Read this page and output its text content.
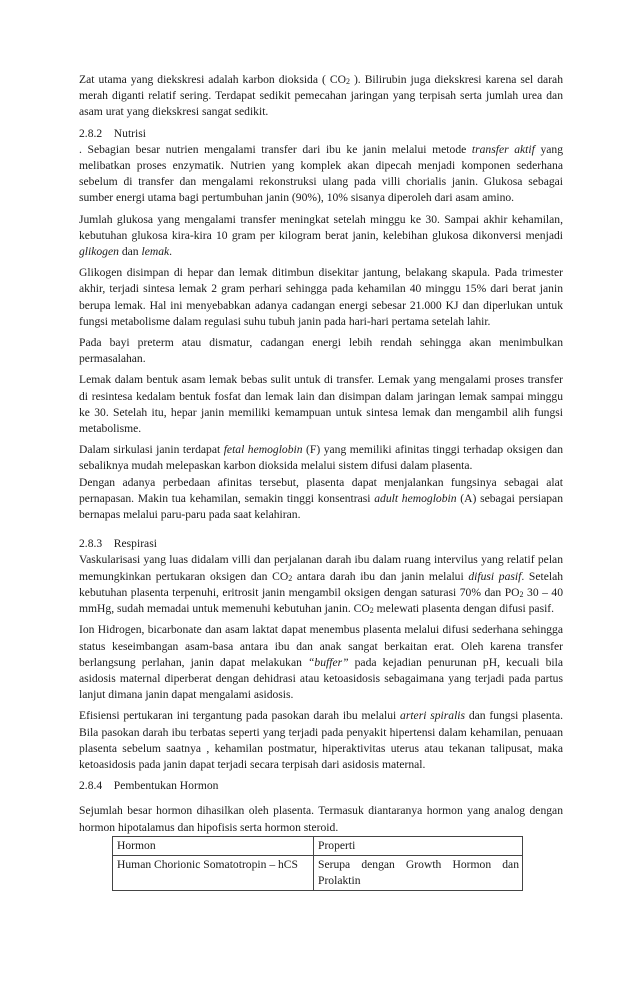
Zat utama yang diekskresi adalah karbon dioksida ( $CO_2$ ). Bilirubin juga diekskresi karena sel darah merah diganti relatif sering. Terdapat sedikit pemecahan jaringan yang terpisah serta jumlah urea dan asam urat yang diekskresi sangat sedikit.

2.8.2    Nutrisi

. Sebagian besar nutrien mengalami transfer dari ibu ke janin melalui metode transfer aktif yang melibatkan proses enzymatik. Nutrien yang komplek akan dipecah menjadi komponen sederhana sebelum di transfer dan mengalami rekonstruksi ulang pada villi chorialis janin. Glukosa sebagai sumber energi utama bagi pertumbuhan janin (90%), 10% sisanya diperoleh dari asam amino.

Jumlah glukosa yang mengalami transfer meningkat setelah minggu ke 30. Sampai akhir kehamilan, kebutuhan glukosa kira-kira 10 gram per kilogram berat janin, kelebihan glukosa dikonversi menjadi glikogen dan lemak.

Glikogen disimpan di hepar dan lemak ditimbun disekitar jantung, belakang skapula. Pada trimester akhir, terjadi sintesa lemak 2 gram perhari sehingga pada kehamilan 40 minggu 15% dari berat janin berupa lemak. Hal ini menyebabkan adanya cadangan energi sebesar 21.000 KJ dan diperlukan untuk fungsi metabolisme dalam regulasi suhu tubuh janin pada hari-hari pertama setelah lahir.

Pada bayi preterm atau dismatur, cadangan energi lebih rendah sehingga akan menimbulkan permasalahan.

Lemak dalam bentuk asam lemak bebas sulit untuk di transfer. Lemak yang mengalami proses transfer di resintesa kedalam bentuk fosfat dan lemak lain dan disimpan dalam jaringan lemak sampai minggu ke 30. Setelah itu, hepar janin memiliki kemampuan untuk sintesa lemak dan mengambil alih fungsi metabolisme.

Dalam sirkulasi janin terdapat fetal hemoglobin (F) yang memiliki afinitas tinggi terhadap oksigen dan sebaliknya mudah melepaskan karbon dioksida melalui sistem difusi dalam plasenta.

Dengan adanya perbedaan afinitas tersebut, plasenta dapat menjalankan fungsinya sebagai alat pernapasan. Makin tua kehamilan, semakin tinggi konsentrasi adult hemoglobin (A) sebagai persiapan bernapas melalui paru-paru pada saat kelahiran.

2.8.3    Respirasi

Vaskularisasi yang luas didalam villi dan perjalanan darah ibu dalam ruang intervilus yang relatif pelan memungkinkan pertukaran oksigen dan $CO_2$ antara darah ibu dan janin melalui difusi pasif. Setelah kebutuhan plasenta terpenuhi, eritrosit janin mengambil oksigen dengan saturasi 70% dan $PO_2$ 30 – 40 mmHg, sudah memadai untuk memenuhi kebutuhan janin. $CO_2$ melewati plasenta dengan difusi pasif.

Ion Hidrogen, bicarbonate dan asam laktat dapat menembus plasenta melalui difusi sederhana sehingga status keseimbangan asam-basa antara ibu dan anak sangat berkaitan erat. Oleh karena transfer berlangsung perlahan, janin dapat melakukan “buffer” pada kejadian penurunan pH, kecuali bila asidosis maternal diperberat dengan dehidrasi atau ketoasidosis sebagaimana yang terjadi pada partus lanjut dimana janin dapat mengalami asidosis.

Efisiensi pertukaran ini tergantung pada pasokan darah ibu melalui arteri spiralis dan fungsi plasenta. Bila pasokan darah ibu terbatas seperti yang terjadi pada penyakit hipertensi dalam kehamilan, penuaan plasenta sebelum saatnya , kehamilan postmatur, hiperaktivitas uterus atau tekanan talipusat, maka ketoasidosis pada janin dapat terjadi secara terpisah dari asidosis maternal.

2.8.4    Pembentukan Hormon

Sejumlah besar hormon dihasilkan oleh plasenta. Termasuk diantaranya hormon yang analog dengan hormon hipotalamus dan hipofisis serta hormon steroid.

Hormon	Properti
Human Chorionic Somatotropin – hCS	Serupa dengan Growth Hormon dan Prolaktin
